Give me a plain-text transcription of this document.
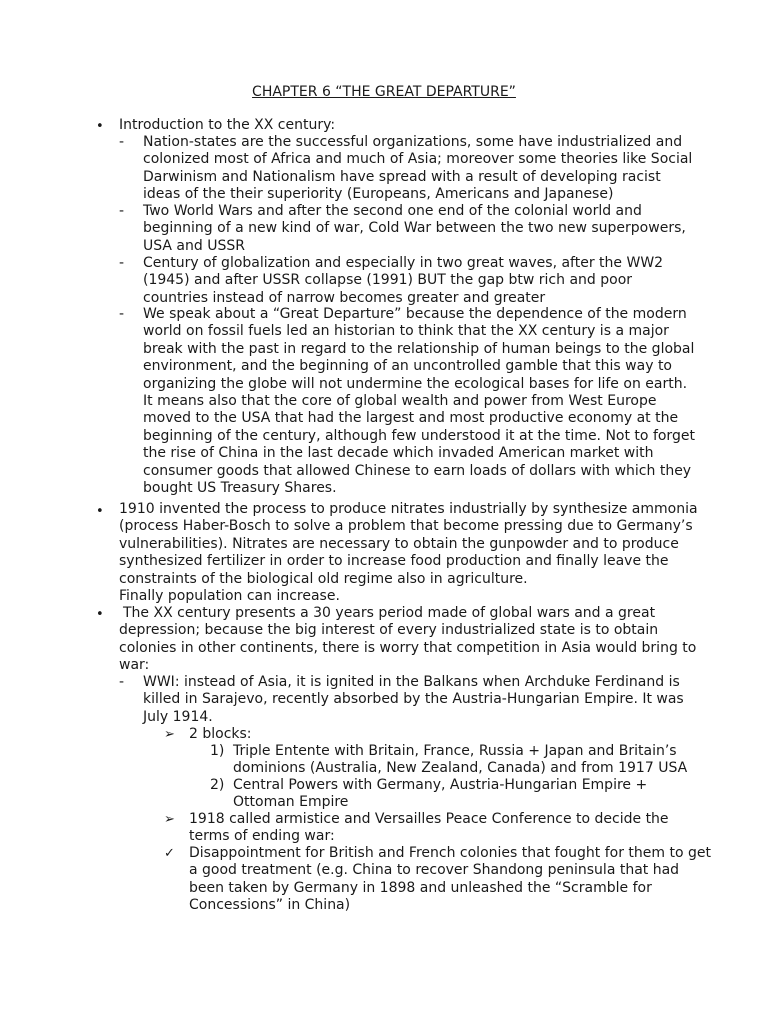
CHAPTER 6 “THE GREAT DEPARTURE”
• Introduction to the XX century:

- Nation-states are the successful organizations, some have industrialized and colonized most of Africa and much of Asia; moreover some theories like Social Darwinism and Nationalism have spread with a result of developing racist ideas of the their superiority (Europeans, Americans and Japanese)

- Two World Wars and after the second one end of the colonial world and beginning of a new kind of war, Cold War between the two new superpowers, USA and USSR

- Century of globalization and especially in two great waves, after the WW2 (1945) and after USSR collapse (1991) BUT the gap btw rich and poor countries instead of narrow becomes greater and greater

- We speak about a “Great Departure” because the dependence of the modern world on fossil fuels led an historian to think that the XX century is a major break with the past in regard to the relationship of human beings to the global environment, and the beginning of an uncontrolled gamble that this way to organizing the globe will not undermine the ecological bases for life on earth. It means also that the core of global wealth and power from West Europe moved to the USA that had the largest and most productive economy at the beginning of the century, although few understood it at the time. Not to forget the rise of China in the last decade which invaded American market with consumer goods that allowed Chinese to earn loads of dollars with which they bought US Treasury Shares.

• 1910 invented the process to produce nitrates industrially by synthesize ammonia (process Haber-Bosch to solve a problem that become pressing due to Germany’s vulnerabilities). Nitrates are necessary to obtain the gunpowder and to produce synthesized fertilizer in order to increase food production and finally leave the constraints of the biological old regime also in agriculture.

Finally population can increase.

• The XX century presents a 30 years period made of global wars and a great depression; because the big interest of every industrialized state is to obtain colonies in other continents, there is worry that competition in Asia would bring to war:

- WWI: instead of Asia, it is ignited in the Balkans when Archduke Ferdinand is killed in Sarajevo, recently absorbed by the Austria-Hungarian Empire. It was July 1914.

➢ 2 blocks:

1) Triple Entente with Britain, France, Russia + Japan and Britain’s dominions (Australia, New Zealand, Canada) and from 1917 USA

2) Central Powers with Germany, Austria-Hungarian Empire + Ottoman Empire

➢ 1918 called armistice and Versailles Peace Conference to decide the terms of ending war:

✓ Disappointment for British and French colonies that fought for them to get a good treatment (e.g. China to recover Shandong peninsula that had been taken by Germany in 1898 and unleashed the “Scramble for Concessions” in China)
